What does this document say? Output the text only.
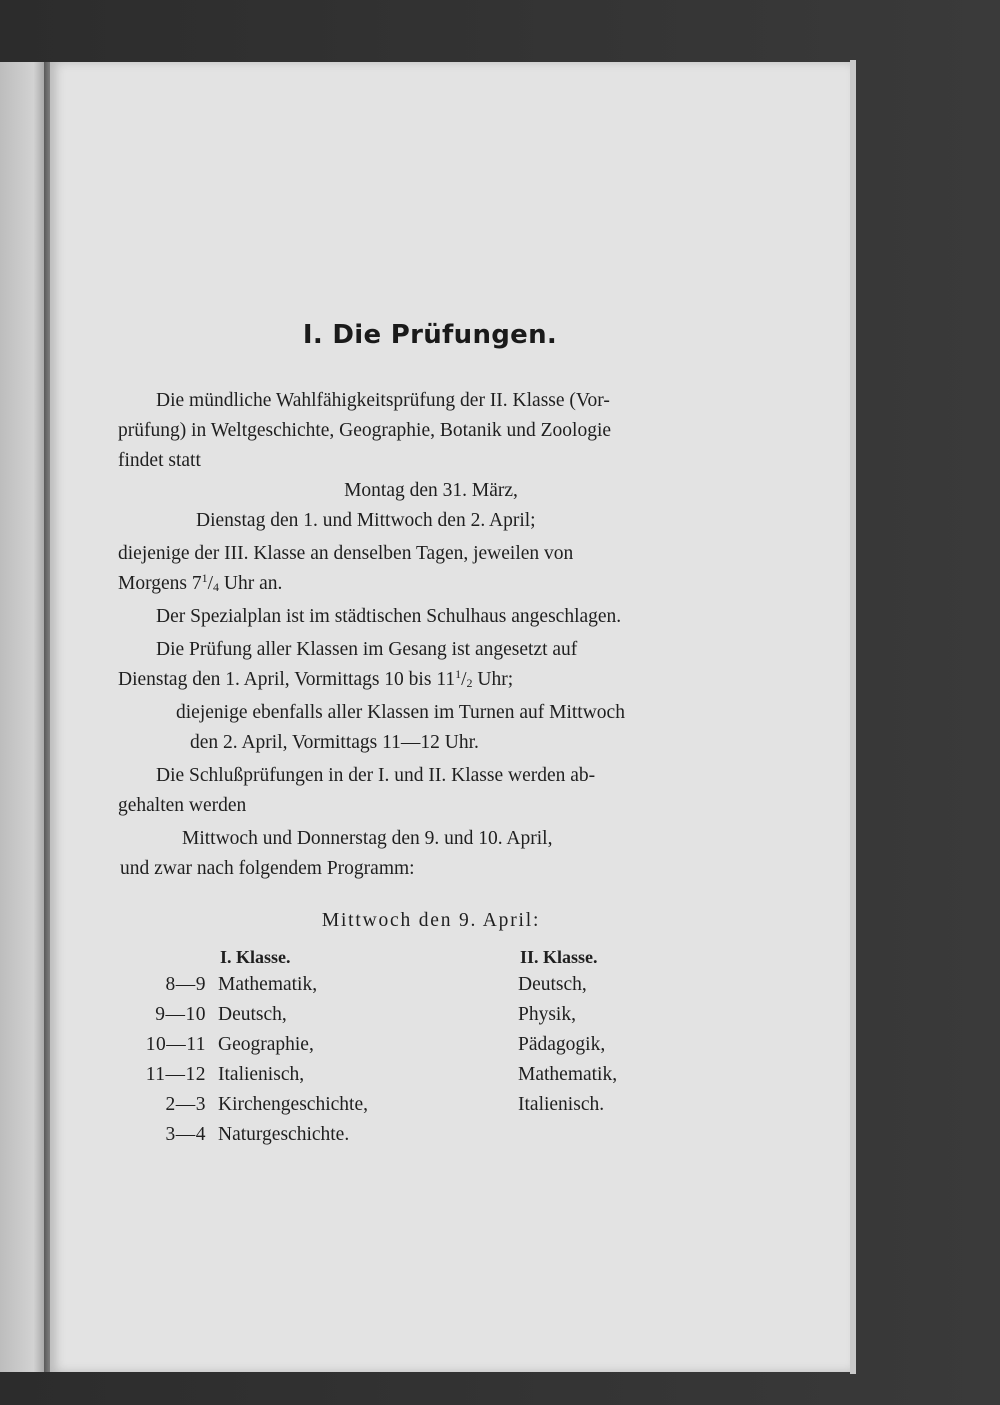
I. Die Prüfungen.
Die mündliche Wahlfähigkeitsprüfung der II. Klasse (Vor-
prüfung) in Weltgeschichte, Geographie, Botanik und Zoologie
findet statt
Montag den 31. März,
Dienstag den 1. und Mittwoch den 2. April;
diejenige der III. Klasse an denselben Tagen, jeweilen von
Morgens $7^1/4$ Uhr an.
Der Spezialplan ist im städtischen Schulhaus angeschlagen.
Die Prüfung aller Klassen im Gesang ist angesetzt auf
Dienstag den 1. April, Vormittags 10 bis $11^1/2$ Uhr;
diejenige ebenfalls aller Klassen im Turnen auf Mittwoch
den 2. April, Vormittags 11—12 Uhr.
Die Schlußprüfungen in der I. und II. Klasse werden ab-
gehalten werden
Mittwoch und Donnerstag den 9. und 10. April,
und zwar nach folgendem Programm:
Mittwoch den 9. April:
I. Klasse.	II. Klasse.
8—9 Mathematik,	Deutsch,
9—10 Deutsch,	Physik,
10—11 Geographie,	Pädagogik,
11—12 Italienisch,	Mathematik,
2—3 Kirchengeschichte,	Italienisch.
3—4 Naturgeschichte.
